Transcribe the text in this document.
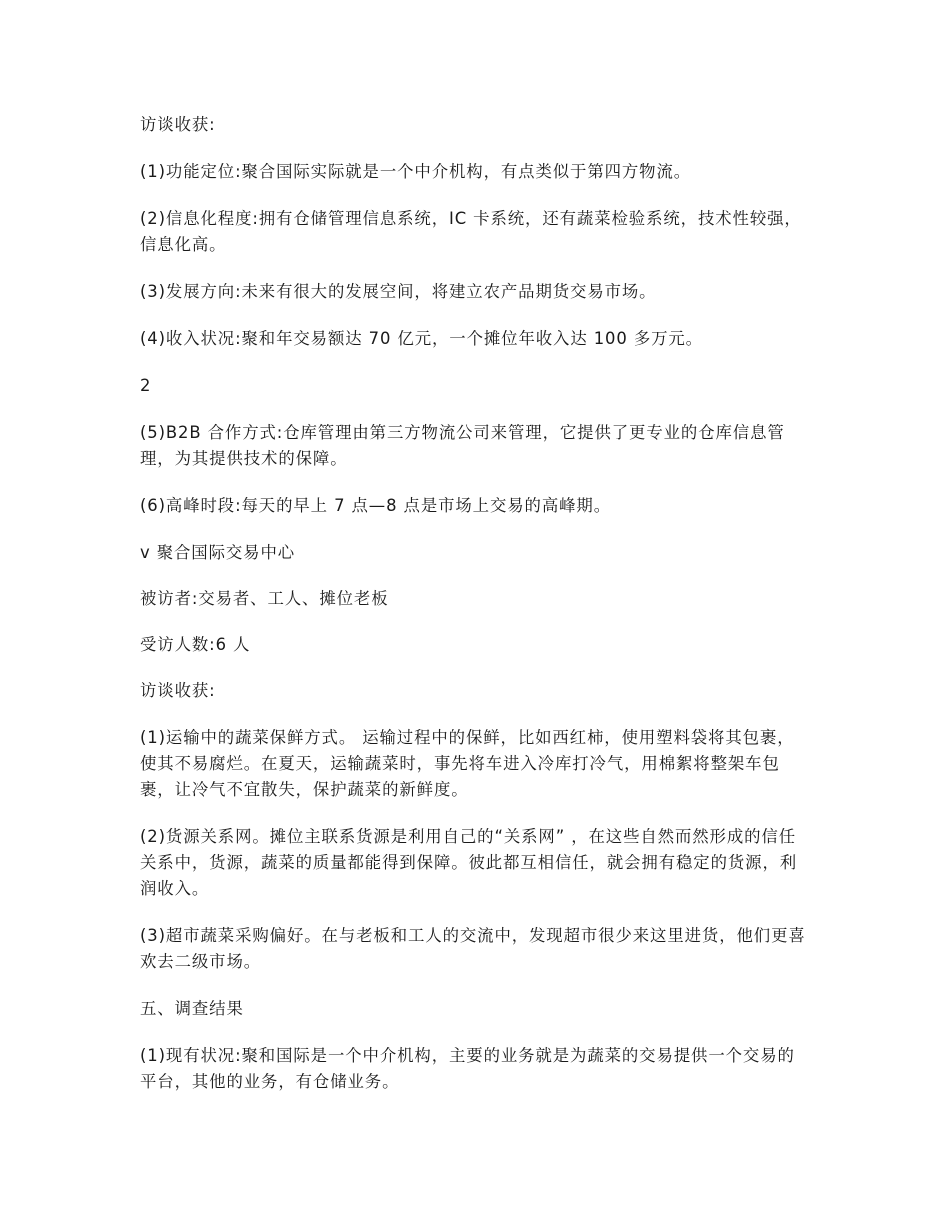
访谈收获:

(1)功能定位:聚合国际实际就是一个中介机构，有点类似于第四方物流。

(2)信息化程度:拥有仓储管理信息系统，IC 卡系统，还有蔬菜检验系统，技术性较强，信息化高。

(3)发展方向:未来有很大的发展空间，将建立农产品期货交易市场。

(4)收入状况:聚和年交易额达 70 亿元，一个摊位年收入达 100 多万元。

2

(5)B2B 合作方式:仓库管理由第三方物流公司来管理，它提供了更专业的仓库信息管理，为其提供技术的保障。

(6)高峰时段:每天的早上 7 点—8 点是市场上交易的高峰期。

v 聚合国际交易中心

被访者:交易者、工人、摊位老板

受访人数:6 人

访谈收获:

(1)运输中的蔬菜保鲜方式。 运输过程中的保鲜，比如西红柿，使用塑料袋将其包裹，使其不易腐烂。在夏天，运输蔬菜时，事先将车进入冷库打冷气，用棉絮将整架车包裹，让冷气不宜散失，保护蔬菜的新鲜度。

(2)货源关系网。摊位主联系货源是利用自己的“关系网” ，在这些自然而然形成的信任关系中，货源，蔬菜的质量都能得到保障。彼此都互相信任，就会拥有稳定的货源，利润收入。

(3)超市蔬菜采购偏好。在与老板和工人的交流中，发现超市很少来这里进货，他们更喜欢去二级市场。

五、调查结果

(1)现有状况:聚和国际是一个中介机构，主要的业务就是为蔬菜的交易提供一个交易的平台，其他的业务，有仓储业务。
